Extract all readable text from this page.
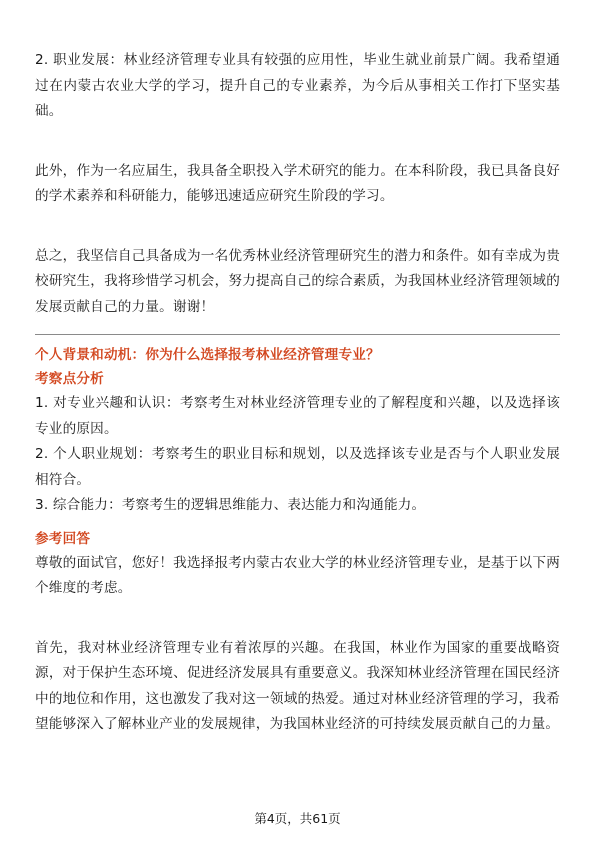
2. 职业发展：林业经济管理专业具有较强的应用性，毕业生就业前景广阔。我希望通过在内蒙古农业大学的学习，提升自己的专业素养，为今后从事相关工作打下坚实基础。

此外，作为一名应届生，我具备全职投入学术研究的能力。在本科阶段，我已具备良好的学术素养和科研能力，能够迅速适应研究生阶段的学习。

总之，我坚信自己具备成为一名优秀林业经济管理研究生的潜力和条件。如有幸成为贵校研究生，我将珍惜学习机会，努力提高自己的综合素质，为我国林业经济管理领域的发展贡献自己的力量。谢谢！

个人背景和动机：你为什么选择报考林业经济管理专业？

考察点分析

1. 对专业兴趣和认识：考察考生对林业经济管理专业的了解程度和兴趣，以及选择该专业的原因。

2. 个人职业规划：考察考生的职业目标和规划，以及选择该专业是否与个人职业发展相符合。

3. 综合能力：考察考生的逻辑思维能力、表达能力和沟通能力。

参考回答

尊敬的面试官，您好！我选择报考内蒙古农业大学的林业经济管理专业，是基于以下两个维度的考虑。

首先，我对林业经济管理专业有着浓厚的兴趣。在我国，林业作为国家的重要战略资源，对于保护生态环境、促进经济发展具有重要意义。我深知林业经济管理在国民经济中的地位和作用，这也激发了我对这一领域的热爱。通过对林业经济管理的学习，我希望能够深入了解林业产业的发展规律，为我国林业经济的可持续发展贡献自己的力量。

第4页，共61页
